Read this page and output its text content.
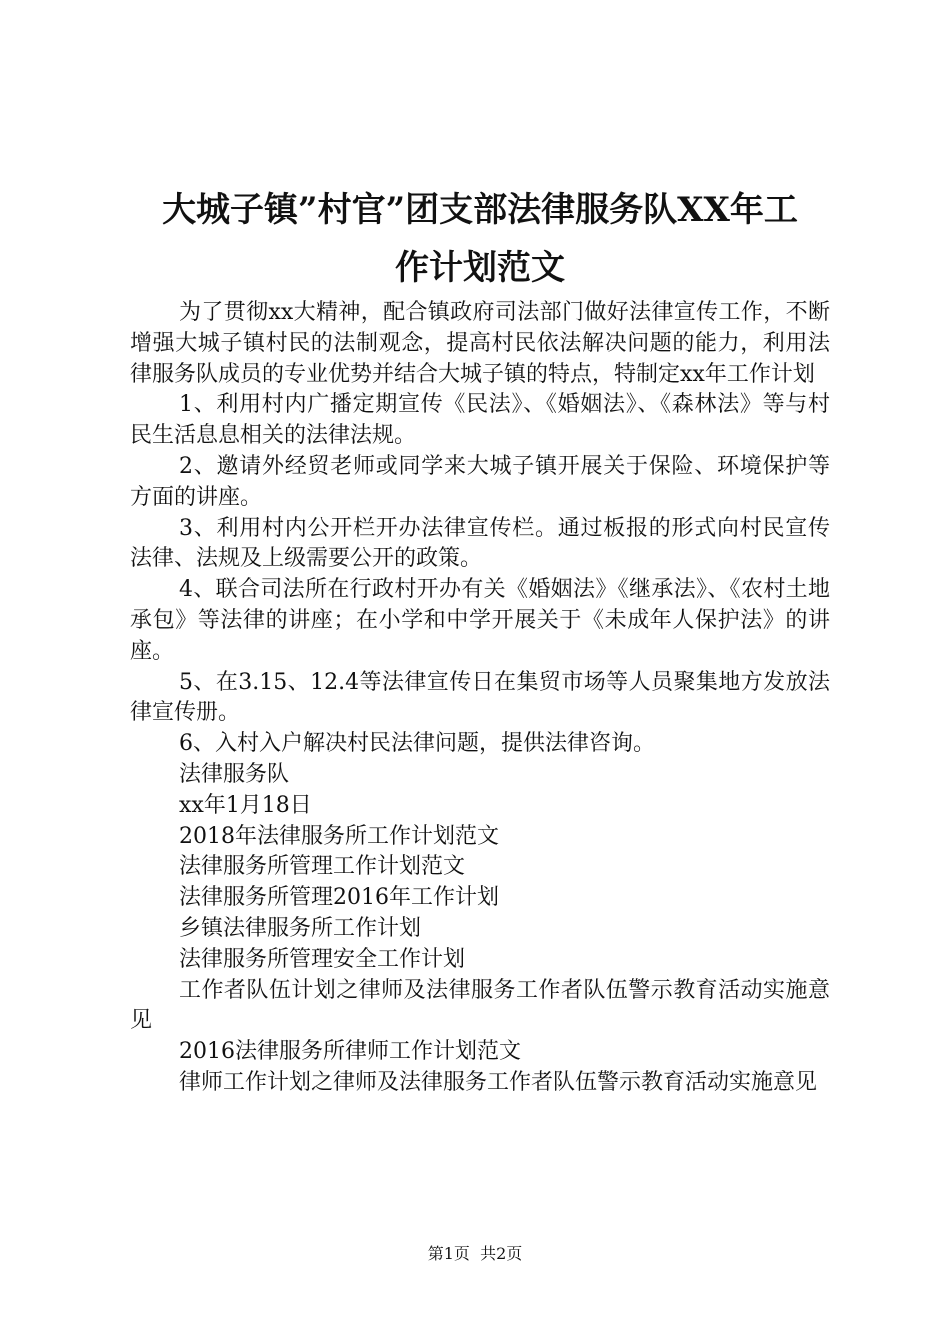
大城子镇”村官”团支部法律服务队XX年工
作计划范文

为了贯彻xx大精神，配合镇政府司法部门做好法律宣传工作，不断增强大城子镇村民的法制观念，提高村民依法解决问题的能力，利用法律服务队成员的专业优势并结合大城子镇的特点，特制定xx年工作计划

1、利用村内广播定期宣传《民法》、《婚姻法》、《森林法》等与村民生活息息相关的法律法规。

2、邀请外经贸老师或同学来大城子镇开展关于保险、环境保护等方面的讲座。

3、利用村内公开栏开办法律宣传栏。通过板报的形式向村民宣传法律、法规及上级需要公开的政策。

4、联合司法所在行政村开办有关《婚姻法》《继承法》、《农村土地承包》等法律的讲座；在小学和中学开展关于《未成年人保护法》的讲座。

5、在3.15、12.4等法律宣传日在集贸市场等人员聚集地方发放法律宣传册。

6、入村入户解决村民法律问题，提供法律咨询。

法律服务队

xx年1月18日

2018年法律服务所工作计划范文

法律服务所管理工作计划范文

法律服务所管理2016年工作计划

乡镇法律服务所工作计划

法律服务所管理安全工作计划

工作者队伍计划之律师及法律服务工作者队伍警示教育活动实施意见

2016法律服务所律师工作计划范文

律师工作计划之律师及法律服务工作者队伍警示教育活动实施意见

第1页  共2页
